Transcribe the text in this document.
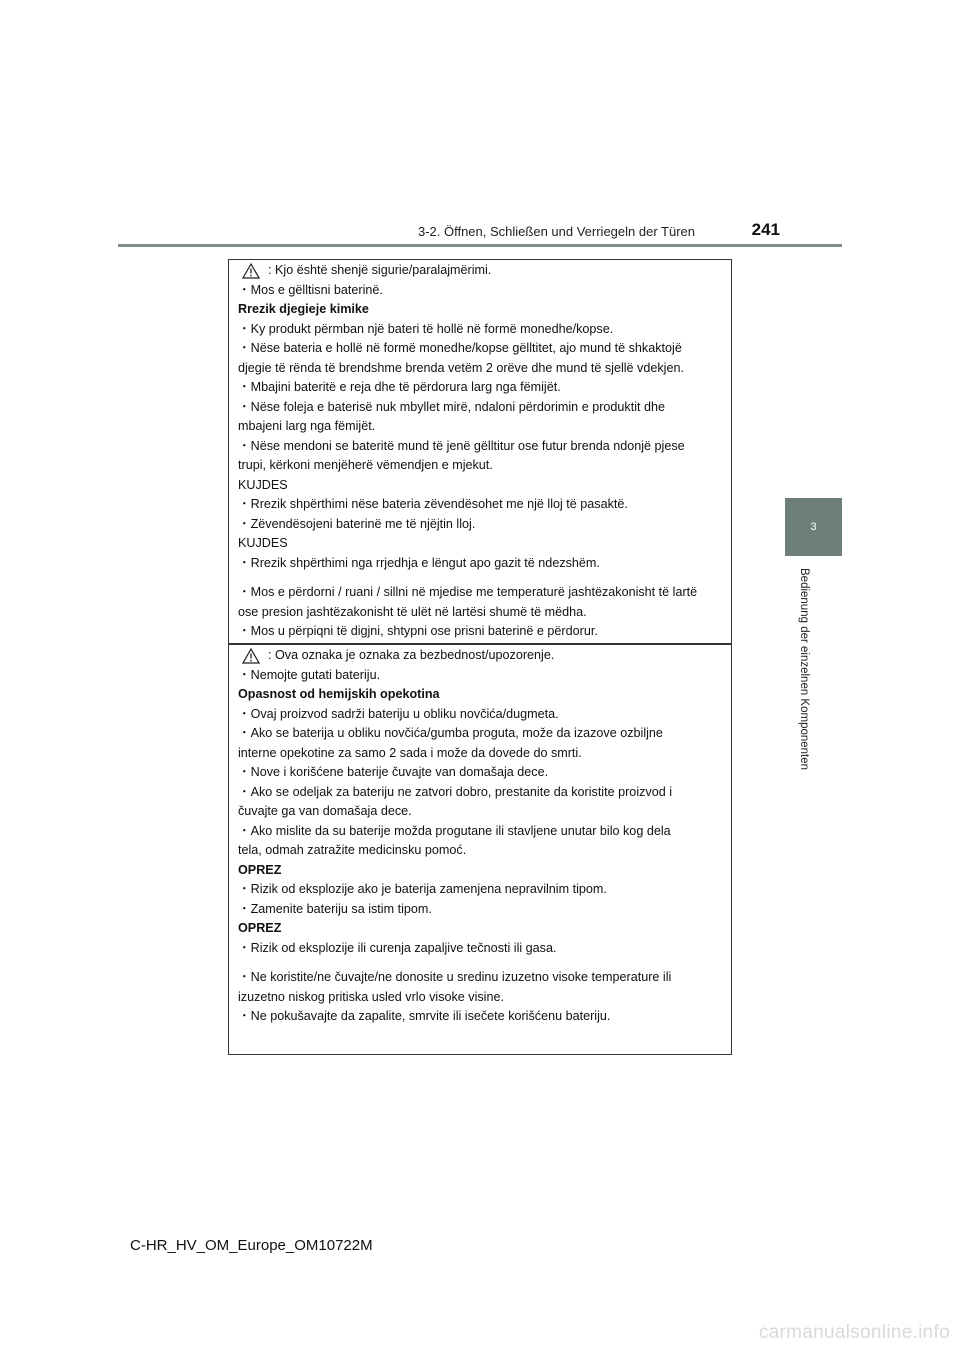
3-2. Öffnen, Schließen und Verriegeln der Türen	241
3
Bedienung der einzelnen Komponenten
: Kjo është shenjë sigurie/paralajmërimi.
・Mos e gëlltisni baterinë.
Rrezik djegieje kimike
・Ky produkt përmban një bateri të hollë në formë monedhe/kopse.
・Nëse bateria e hollë në formë monedhe/kopse gëlltitet, ajo mund të shkaktojë
djegie të rënda të brendshme brenda vetëm 2 orëve dhe mund të sjellë vdekjen.
・Mbajini bateritë e reja dhe të përdorura larg nga fëmijët.
・Nëse foleja e baterisë nuk mbyllet mirë, ndaloni përdorimin e produktit dhe
mbajeni larg nga fëmijët.
・Nëse mendoni se bateritë mund të jenë gëlltitur ose futur brenda ndonjë pjese
trupi, kërkoni menjëherë vëmendjen e mjekut.
KUJDES
・Rrezik shpërthimi nëse bateria zëvendësohet me një lloj të pasaktë.
・Zëvendësojeni baterinë me të njëjtin lloj.
KUJDES
・Rrezik shpërthimi nga rrjedhja e lëngut apo gazit të ndezshëm.
・Mos e përdorni / ruani / sillni në mjedise me temperaturë jashtëzakonisht të lartë
ose presion jashtëzakonisht të ulët në lartësi shumë të mëdha.
・Mos u përpiqni të digjni, shtypni ose prisni baterinë e përdorur.
: Ova oznaka je oznaka za bezbednost/upozorenje.
・Nemojte gutati bateriju.
Opasnost od hemijskih opekotina
・Ovaj proizvod sadrži bateriju u obliku novčića/dugmeta.
・Ako se baterija u obliku novčića/gumba proguta, može da izazove ozbiljne
interne opekotine za samo 2 sada i može da dovede do smrti.
・Nove i korišćene baterije čuvajte van domašaja dece.
・Ako se odeljak za bateriju ne zatvori dobro, prestanite da koristite proizvod i
čuvajte ga van domašaja dece.
・Ako mislite da su baterije možda progutane ili stavljene unutar bilo kog dela
tela, odmah zatražite medicinsku pomoć.
OPREZ
・Rizik od eksplozije ako je baterija zamenjena nepravilnim tipom.
・Zamenite bateriju sa istim tipom.
OPREZ
・Rizik od eksplozije ili curenja zapaljive tečnosti ili gasa.
・Ne koristite/ne čuvajte/ne donosite u sredinu izuzetno visoke temperature ili
izuzetno niskog pritiska usled vrlo visoke visine.
・Ne pokušavajte da zapalite, smrvite ili isečete korišćenu bateriju.
C-HR_HV_OM_Europe_OM10722M
carmanualsonline.info
